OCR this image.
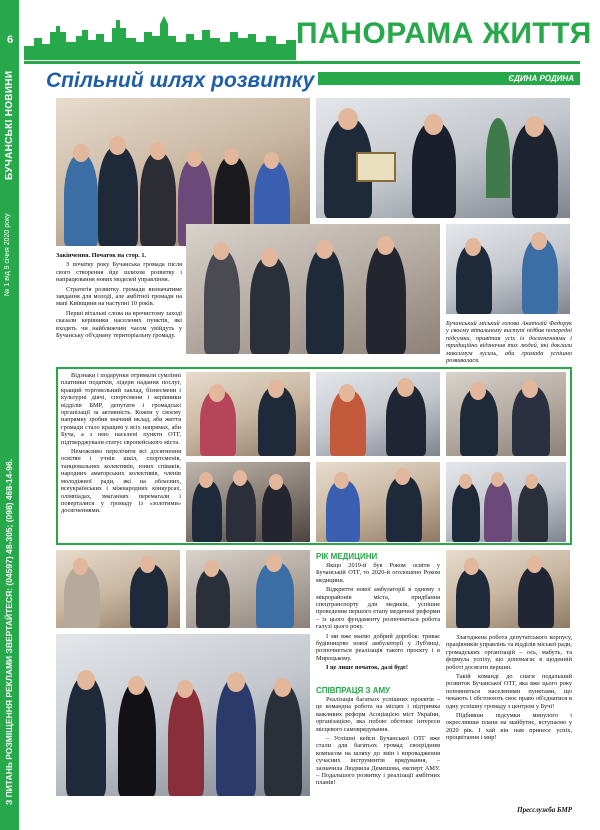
6
БУЧАНСЬКІ НОВИНИ
№ 1 від 9 січня 2020 року
З ПИТАНЬ РОЗМІЩЕННЯ РЕКЛАМИ ЗВЕРТАЙТЕСЯ: (04597) 48-305; (098) 468-14-96.
ПАНОРАМА ЖИТТЯ
Спільний шлях розвитку	ЄДИНА РОДИНА

Закінчення. Початок на стор. 1.

З початку року Бучанська громада після свого створення йде шляхом розвитку і напрацювання нових моделей управління.

Стратегія розвитку громади визначатиме завдання для молоді, але амбітної громади на мапі Київщини на наступні 10 років.

Перші вітальні слова на врочистому заході сказали керівники населених пунктів, які входять чи найближчим часом увійдуть у Бучанську об'єднану територіальну громаду.

Бучанський міський голова Анатолій Федорук у своєму вітальному виступі підбив попередні підсумки, привітав усіх із досягненнями і традиційно відзначив тих людей, які доклали максимум зусиль, аби громада успішно розвивалася.

Відзнаки і подарунки отримали сумлінні платники податків, лідери надання послуг, кращий торговельний заклад, бізнесмени і культурні діячі, спортсмени і керівники відділів БМР, депутати і громадські організації за активність. Кожен у своєму напрямку зробив значний вклад, аби життя громади стало кращим у всіх напрямах, аби Буча, а з нею населені пункти ОТГ, підтверджували статус європейського міста.

Неможливо перелічити всі досягнення освітян і учнів шкіл, спортсменів, танцювальних колективів, юних співаків, народних аматорських колективів, членів молодіжної ради, які на обласних, всеукраїнських і міжнародних конкурсах, олімпіадах, змаганнях перемагали і поверталися у громаду із «золотими» досягненнями.

РІК МЕДИЦИНИ

Якщо 2019-й був Роком освіти у Бучанській ОТГ, то 2020-й оголошено Роком медицини.

Відкриття нової амбулаторії в одному з мікрорайонів міста, придбання спецтранспорту для медиків, успішне проведення першого етапу медичної реформи – із цього фундаменту розпочнеться робота галузі цього року.

І ми вже маємо добрий доробок: триває будівництво нової амбулаторії у Луб'янці, розпочнеться реалізація такого проєкту і в Мироцькому.

І це лише початок, далі буде!

СПІВПРАЦЯ З АМУ

Реалізація багатьох успішних проєктів – це командна робота на місцях і підтримка важливих реформ Асоціацією міст України, організацією, яка побою обстоює інтереси місцевого самоврядування.

– Успішні кейси Бучанської ОТГ вже стали для багатьох громад своєрідним компасом на шляху до змін і впровадження сучасних інструментів врядування, – зазначила Людмила Демешова, експерт АМУ. – Подальшого розвитку і реалізації амбітних планів!

Злагоджена робота депутатського корпусу, працівників управлінь та відділів міської ради, громадських організацій – ось, мабуть, та формула успіху, що допомагає в щоденній роботі досягати вершин.

Такій команді до снаги подальший розвиток Бучанської ОТГ, яка вже цього року поповниться населеними пунктами, що чекають і обстоюють своє право об'єднатися в одну успішну громаду з центром у Бучі!

Підбивши підсумки минулого і окресливши плани на майбутнє, вступаємо у 2020 рік. І хай він нам принесе успіх, процвітання і мир!

Пресслужба БМР
